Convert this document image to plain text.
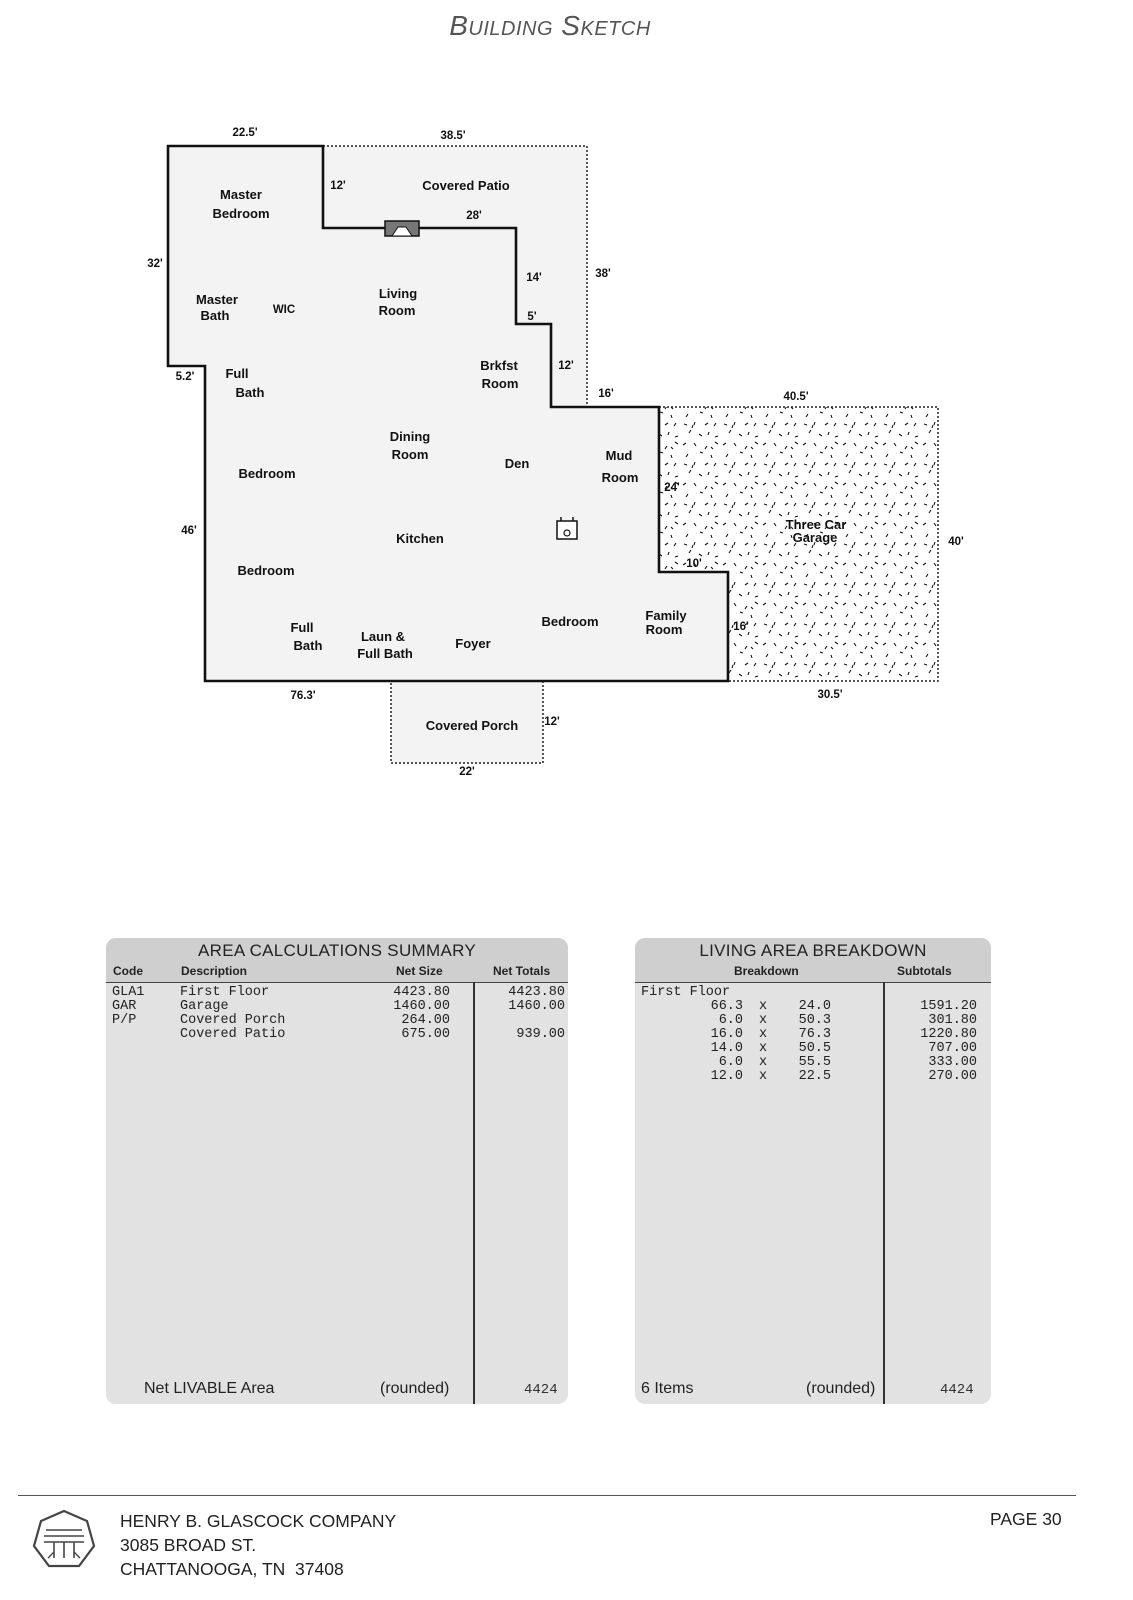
Building Sketch
Master
Bedroom
Covered Patio
Master
Bath	WIC
Living
Room
Full
Bath
Brkfst
Room
Dining
Room
Den
Mud
Room
Bedroom
Three Car
Garage
Kitchen
Bedroom
Full
Bath
Laun &
Full Bath
Foyer
Bedroom	Family
Room
Covered Porch
22.5'	38.5'
12'
28'
32'
14'	38'
5'
5.2'
12'
16'	40.5'
24'
46'
40'
10'
16'
76.3'	30.5'
12'
22'
AREA CALCULATIONS SUMMARY
Code	Description	Net Size	Net Totals
GLA1	First Floor	4423.80	4423.80
GAR	Garage	1460.00	1460.00
P/P	Covered Porch	264.00
Covered Patio	675.00	939.00
Net LIVABLE Area	(rounded)	4424
LIVING AREA BREAKDOWN
Breakdown	Subtotals
First Floor
66.3 x	24.0	1591.20
6.0 x	50.3	301.80
16.0 x	76.3	1220.80
14.0 x	50.5	707.00
6.0 x	55.5	333.00
12.0 x	22.5	270.00
6 Items	(rounded)	4424
HENRY B. GLASCOCK COMPANY
3085 BROAD ST.
CHATTANOOGA, TN  37408
PAGE 30
